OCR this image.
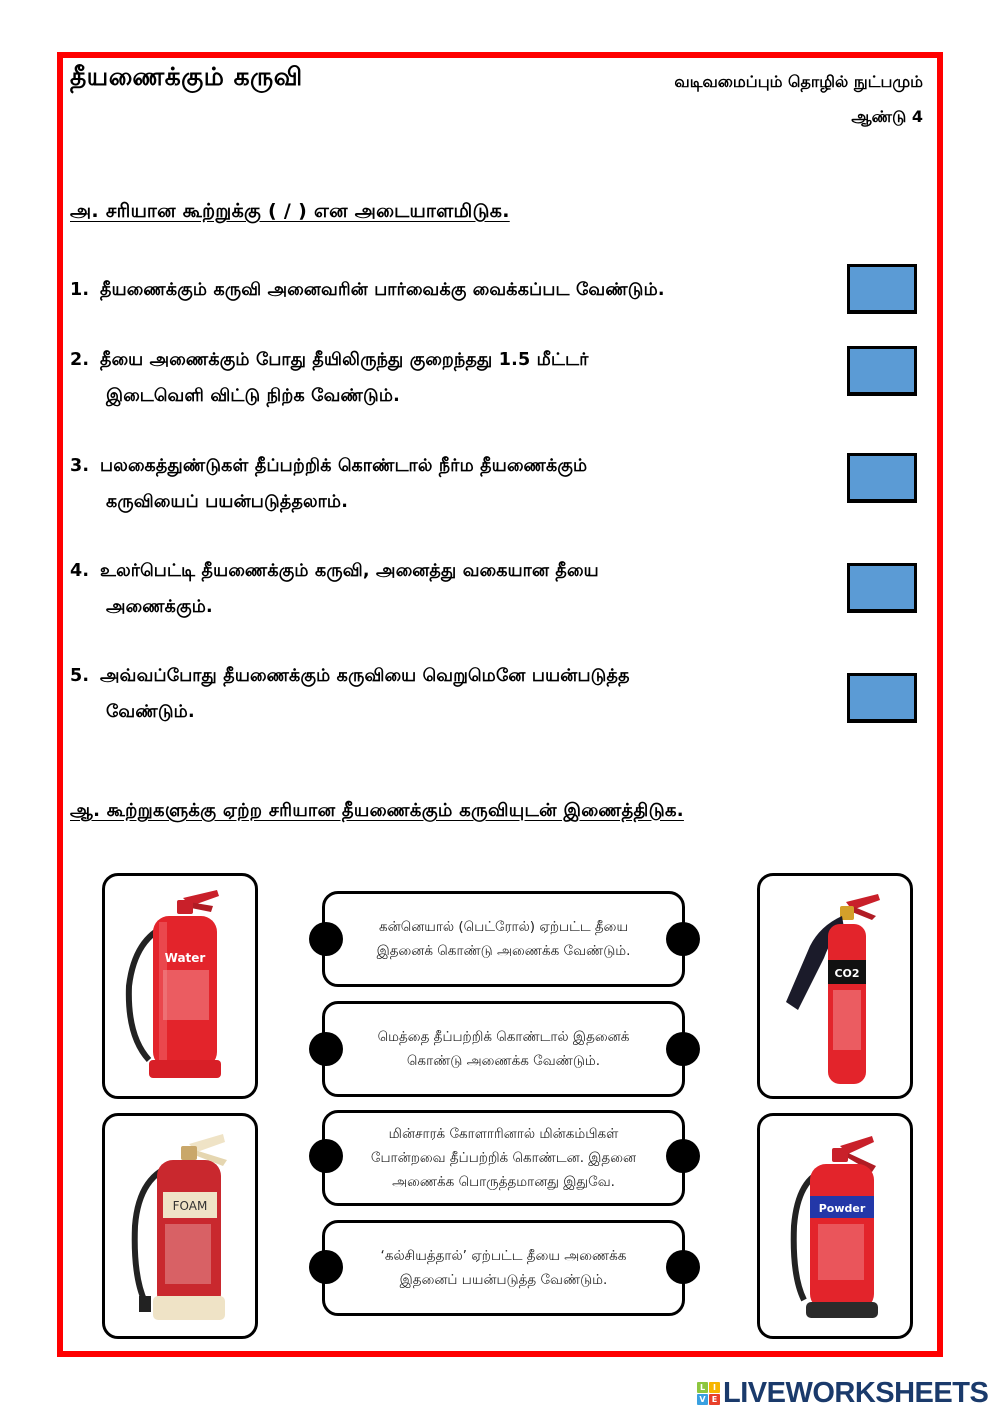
தீயணைக்கும் கருவி	வடிவமைப்பும் தொழில் நுட்பமும்
ஆண்டு 4
அ. சரியான கூற்றுக்கு ( / ) என அடையாளமிடுக.
1. தீயணைக்கும் கருவி அனைவரின் பார்வைக்கு வைக்கப்பட வேண்டும்.
2. தீயை அணைக்கும் போது தீயிலிருந்து குறைந்தது 1.5 மீட்டர்
இடைவெளி விட்டு நிற்க வேண்டும்.
3. பலகைத்துண்டுகள் தீப்பற்றிக் கொண்டால் நீர்ம தீயணைக்கும்
கருவியைப் பயன்படுத்தலாம்.
4. உலர்பெட்டி தீயணைக்கும் கருவி, அனைத்து வகையான தீயை
அணைக்கும்.
5. அவ்வப்போது தீயணைக்கும் கருவியை வெறுமெனே பயன்படுத்த
வேண்டும்.
ஆ. கூற்றுகளுக்கு ஏற்ற சரியான தீயணைக்கும் கருவியுடன் இணைத்திடுக.
Water
CO2
FOAM	Powder
கன்னெயால் (பெட்ரோல்) ஏற்பட்ட தீயை
இதனைக் கொண்டு அணைக்க வேண்டும்.
மெத்தை தீப்பற்றிக் கொண்டால் இதனைக்
கொண்டு அணைக்க வேண்டும்.
மின்சாரக் கோளாரினால் மின்கம்பிகள்
போன்றவை தீப்பற்றிக் கொண்டன. இதனை
அணைக்க பொருத்தமானது இதுவே.
‘கல்சியத்தால்’ ஏற்பட்ட தீயை அணைக்க
இதனைப் பயன்படுத்த வேண்டும்.
L I
V E LIVEWORKSHEETS
